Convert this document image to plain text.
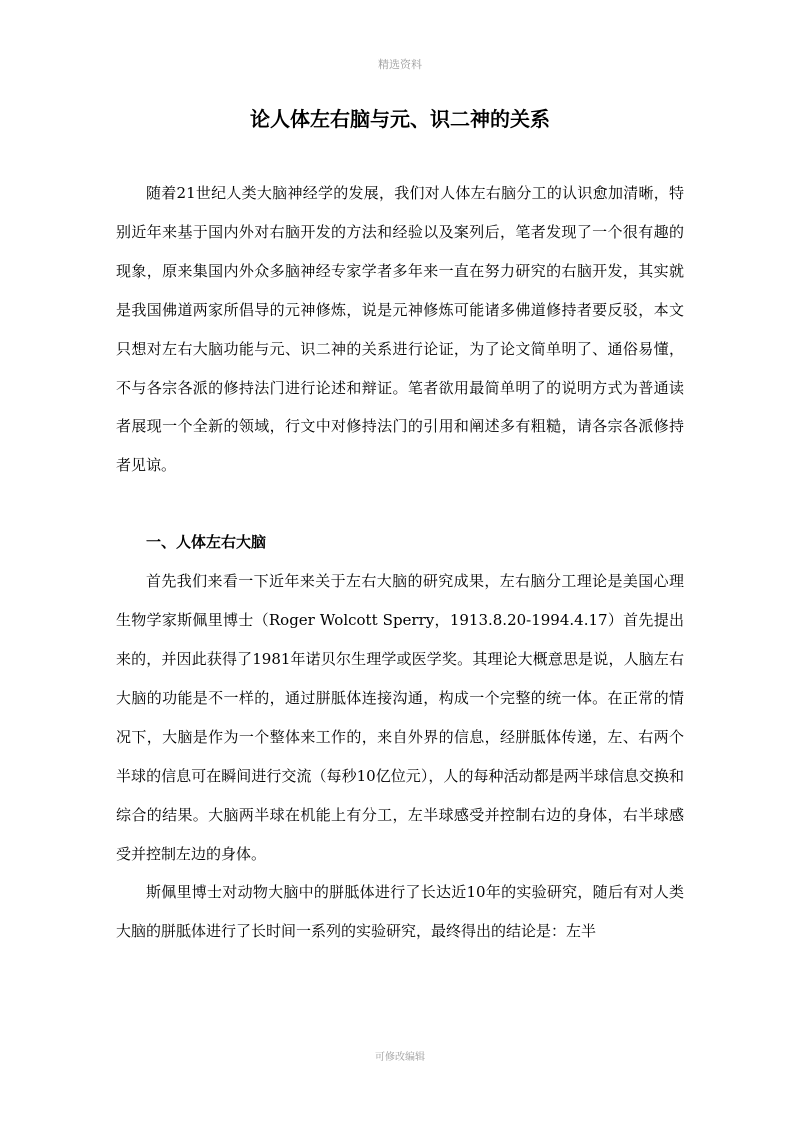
精选资料
论人体左右脑与元、识二神的关系

随着21世纪人类大脑神经学的发展，我们对人体左右脑分工的认识愈加清晰，特别近年来基于国内外对右脑开发的方法和经验以及案列后，笔者发现了一个很有趣的现象，原来集国内外众多脑神经专家学者多年来一直在努力研究的右脑开发，其实就是我国佛道两家所倡导的元神修炼，说是元神修炼可能诸多佛道修持者要反驳，本文只想对左右大脑功能与元、识二神的关系进行论证，为了论文简单明了、通俗易懂，不与各宗各派的修持法门进行论述和辩证。笔者欲用最简单明了的说明方式为普通读者展现一个全新的领域，行文中对修持法门的引用和阐述多有粗糙，请各宗各派修持者见谅。

一、人体左右大脑

首先我们来看一下近年来关于左右大脑的研究成果，左右脑分工理论是美国心理生物学家斯佩里博士（Roger Wolcott Sperry，1913.8.20-1994.4.17）首先提出来的，并因此获得了1981年诺贝尔生理学或医学奖。其理论大概意思是说，人脑左右大脑的功能是不一样的，通过胼胝体连接沟通，构成一个完整的统一体。在正常的情况下，大脑是作为一个整体来工作的，来自外界的信息，经胼胝体传递，左、右两个半球的信息可在瞬间进行交流（每秒10亿位元），人的每种活动都是两半球信息交换和综合的结果。大脑两半球在机能上有分工，左半球感受并控制右边的身体，右半球感受并控制左边的身体。

斯佩里博士对动物大脑中的胼胝体进行了长达近10年的实验研究，随后有对人类大脑的胼胝体进行了长时间一系列的实验研究，最终得出的结论是：左半

可修改编辑
